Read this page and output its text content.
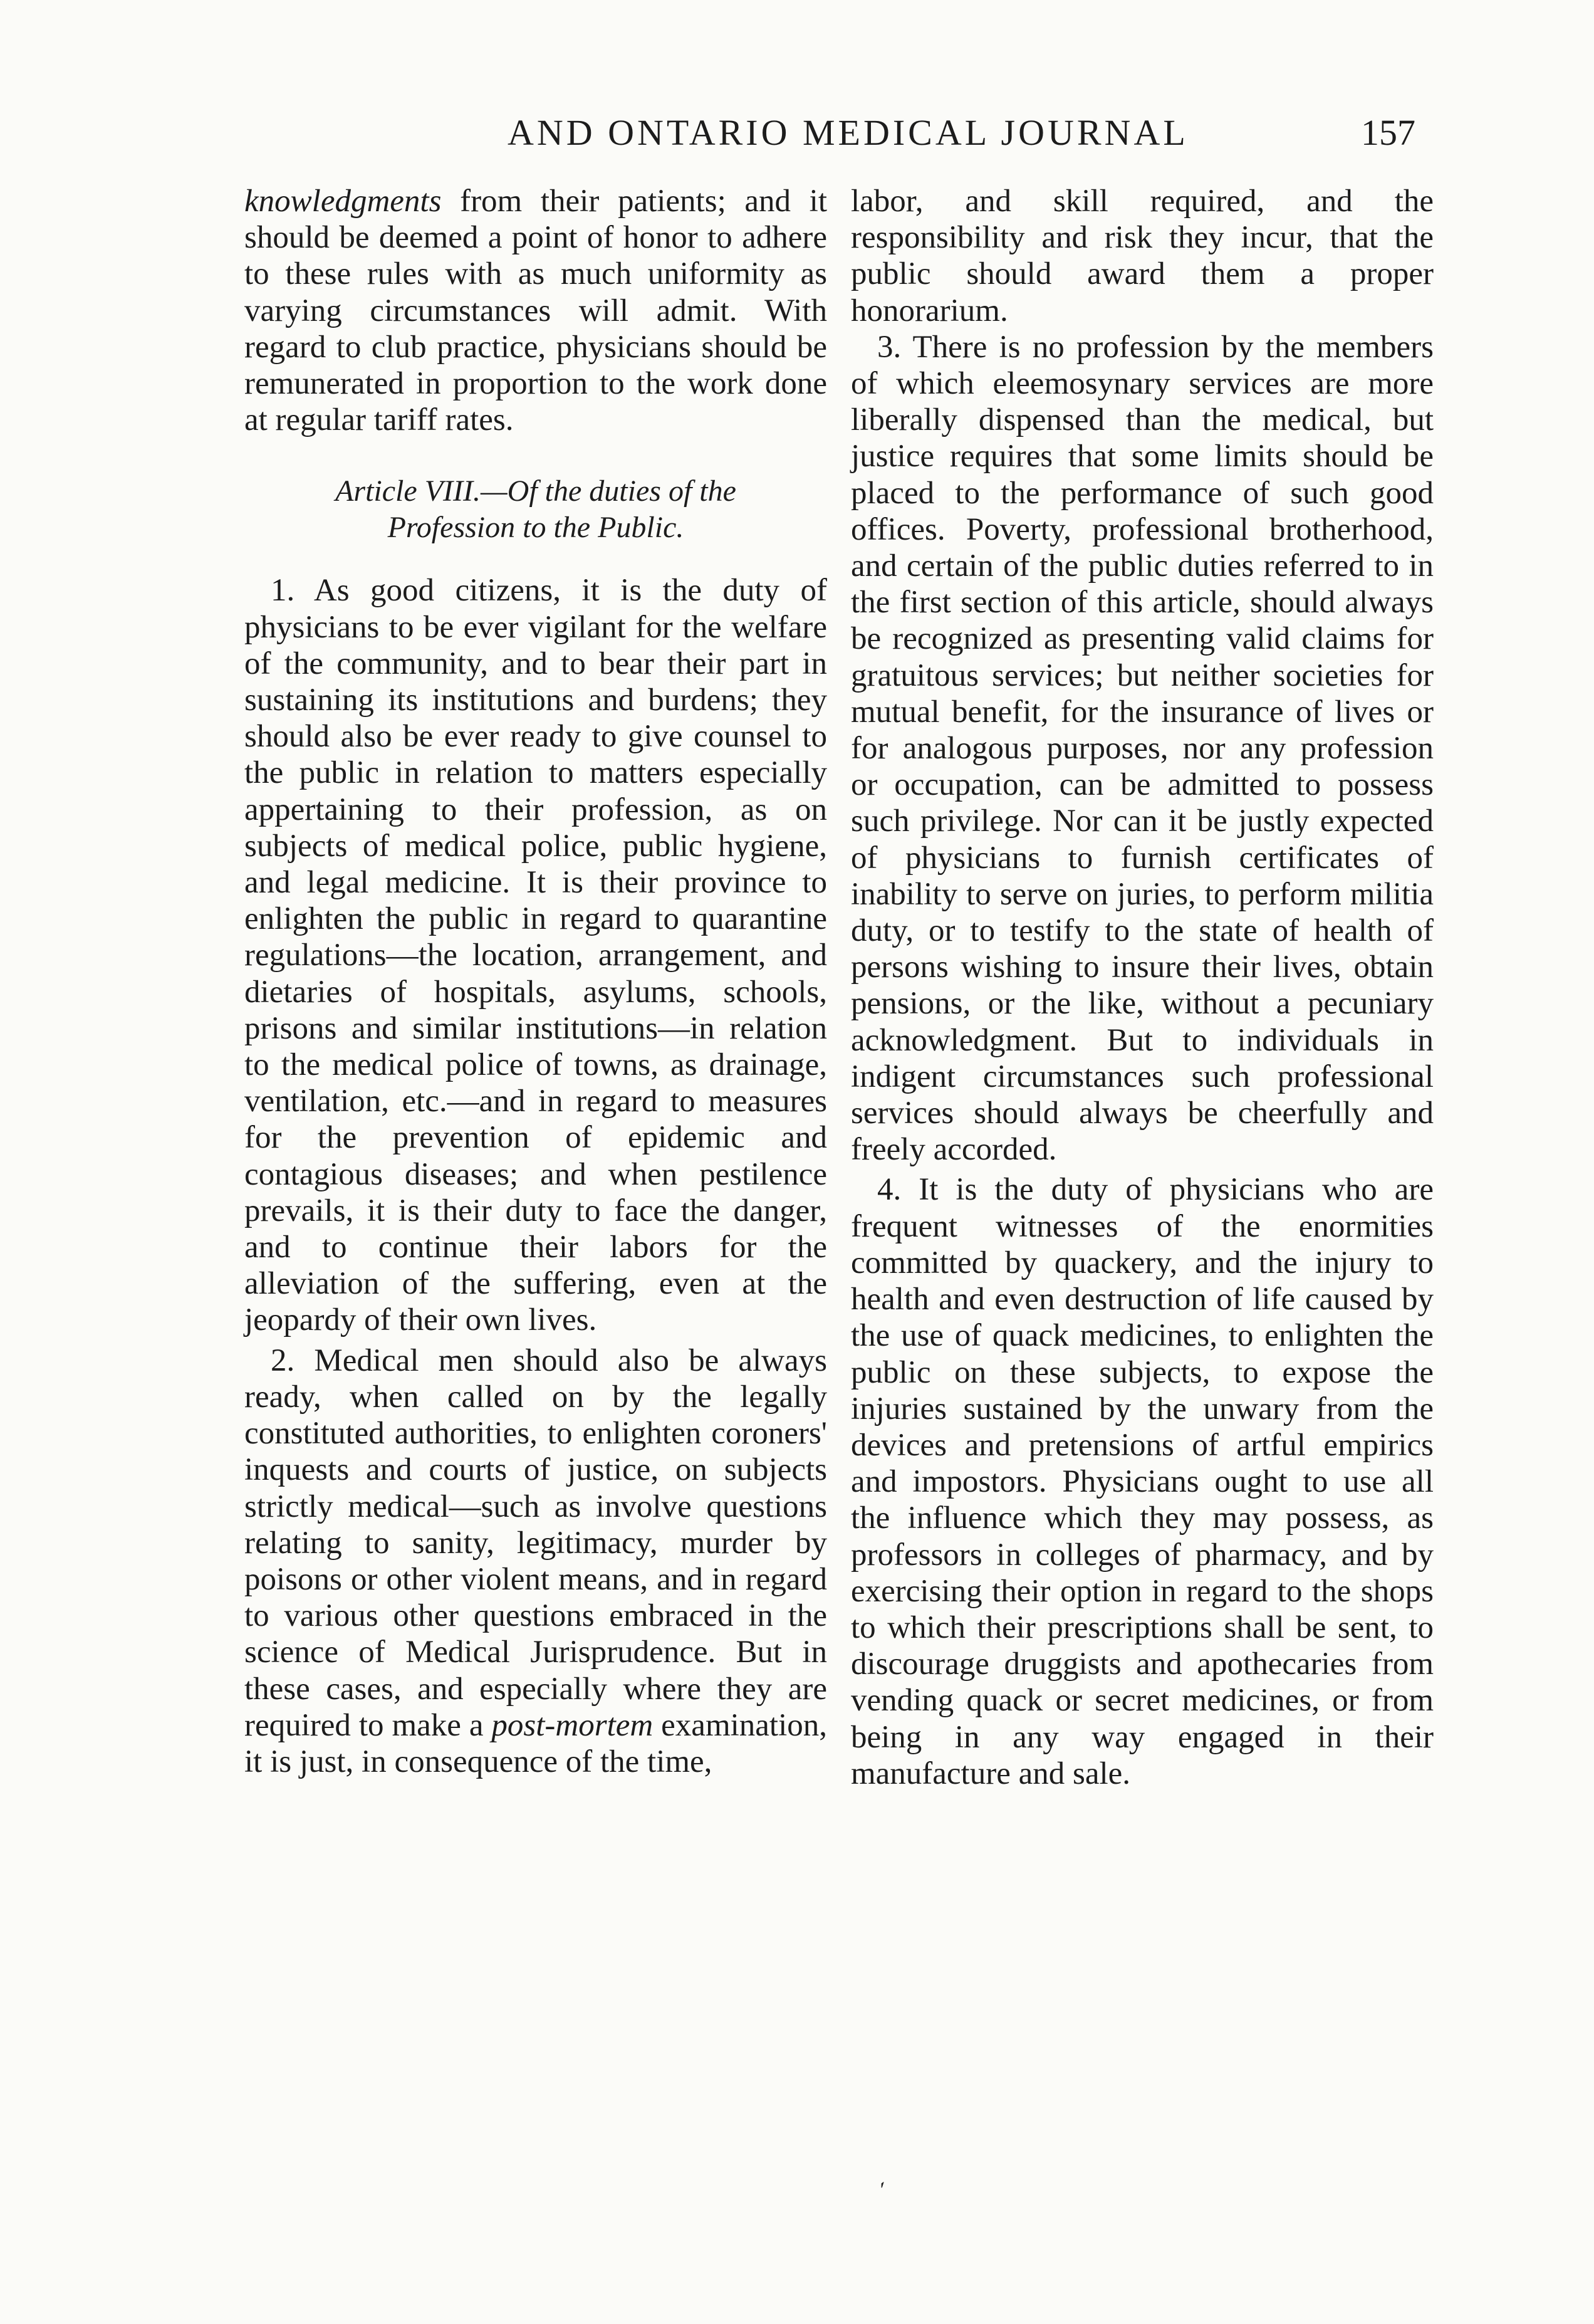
AND ONTARIO MEDICAL JOURNAL	157

knowledgments from their patients; and it should be deemed a point of honor to adhere to these rules with as much uniformity as varying circumstances will admit. With regard to club practice, physicians should be remunerated in proportion to the work done at regular tariff rates.

Article VIII.—Of the duties of the
Profession to the Public.

1. As good citizens, it is the duty of physicians to be ever vigilant for the welfare of the community, and to bear their part in sustaining its institutions and burdens; they should also be ever ready to give counsel to the public in relation to matters especially appertaining to their profession, as on subjects of medical police, public hygiene, and legal medicine. It is their province to enlighten the public in regard to quarantine regulations—the location, arrangement, and dietaries of hospitals, asylums, schools, prisons and similar institutions—in relation to the medical police of towns, as drainage, ventilation, etc.—and in regard to measures for the prevention of epidemic and contagious diseases; and when pestilence prevails, it is their duty to face the danger, and to continue their labors for the alleviation of the suffering, even at the jeopardy of their own lives.

2. Medical men should also be always ready, when called on by the legally constituted authorities, to enlighten coroners' inquests and courts of justice, on subjects strictly medical—such as involve questions relating to sanity, legitimacy, murder by poisons or other violent means, and in regard to various other questions embraced in the science of Medical Jurisprudence. But in these cases, and especially where they are required to make a post-mortem examination, it is just, in consequence of the time,

labor, and skill required, and the responsibility and risk they incur, that the public should award them a proper honorarium.

3. There is no profession by the members of which eleemosynary services are more liberally dispensed than the medical, but justice requires that some limits should be placed to the performance of such good offices. Poverty, professional brotherhood, and certain of the public duties referred to in the first section of this article, should always be recognized as presenting valid claims for gratuitous services; but neither societies for mutual benefit, for the insurance of lives or for analogous purposes, nor any profession or occupation, can be admitted to possess such privilege. Nor can it be justly expected of physicians to furnish certificates of inability to serve on juries, to perform militia duty, or to testify to the state of health of persons wishing to insure their lives, obtain pensions, or the like, without a pecuniary acknowledgment. But to individuals in indigent circumstances such professional services should always be cheerfully and freely accorded.

4. It is the duty of physicians who are frequent witnesses of the enormities committed by quackery, and the injury to health and even destruction of life caused by the use of quack medicines, to enlighten the public on these subjects, to expose the injuries sustained by the unwary from the devices and pretensions of artful empirics and impostors. Physicians ought to use all the influence which they may possess, as professors in colleges of pharmacy, and by exercising their option in regard to the shops to which their prescriptions shall be sent, to discourage druggists and apothecaries from vending quack or secret medicines, or from being in any way engaged in their manufacture and sale.

´
